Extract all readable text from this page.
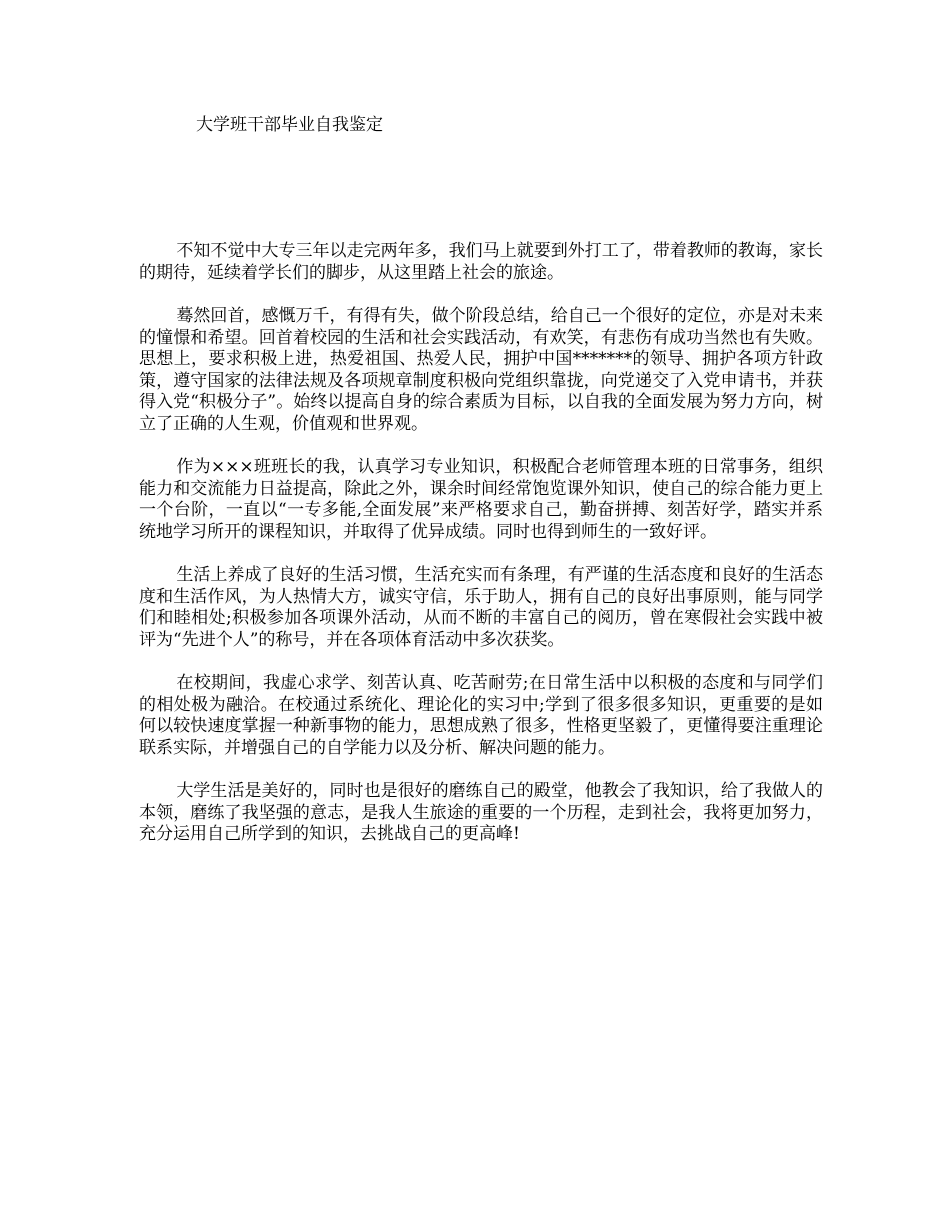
大学班干部毕业自我鉴定

不知不觉中大专三年以走完两年多，我们马上就要到外打工了，带着教师的教诲，家长的期待，延续着学长们的脚步，从这里踏上社会的旅途。

蓦然回首，感慨万千，有得有失，做个阶段总结，给自己一个很好的定位，亦是对未来的憧憬和希望。回首着校园的生活和社会实践活动，有欢笑，有悲伤有成功当然也有失败。思想上，要求积极上进，热爱祖国、热爱人民，拥护中国*******的领导、拥护各项方针政策，遵守国家的法律法规及各项规章制度积极向党组织靠拢，向党递交了入党申请书，并获得入党“积极分子”。始终以提高自身的综合素质为目标，以自我的全面发展为努力方向，树立了正确的人生观，价值观和世界观。

作为×××班班长的我，认真学习专业知识，积极配合老师管理本班的日常事务，组织能力和交流能力日益提高，除此之外，课余时间经常饱览课外知识，使自己的综合能力更上一个台阶，一直以“一专多能,全面发展”来严格要求自己，勤奋拼搏、刻苦好学，踏实并系统地学习所开的课程知识，并取得了优异成绩。同时也得到师生的一致好评。

生活上养成了良好的生活习惯，生活充实而有条理，有严谨的生活态度和良好的生活态度和生活作风，为人热情大方，诚实守信，乐于助人，拥有自己的良好出事原则，能与同学们和睦相处;积极参加各项课外活动，从而不断的丰富自己的阅历，曾在寒假社会实践中被评为“先进个人”的称号，并在各项体育活动中多次获奖。

在校期间，我虚心求学、刻苦认真、吃苦耐劳;在日常生活中以积极的态度和与同学们的相处极为融洽。在校通过系统化、理论化的实习中;学到了很多很多知识，更重要的是如何以较快速度掌握一种新事物的能力，思想成熟了很多，性格更坚毅了，更懂得要注重理论联系实际，并增强自己的自学能力以及分析、解决问题的能力。

大学生活是美好的，同时也是很好的磨练自己的殿堂，他教会了我知识，给了我做人的本领，磨练了我坚强的意志，是我人生旅途的重要的一个历程，走到社会，我将更加努力，充分运用自己所学到的知识，去挑战自己的更高峰!
